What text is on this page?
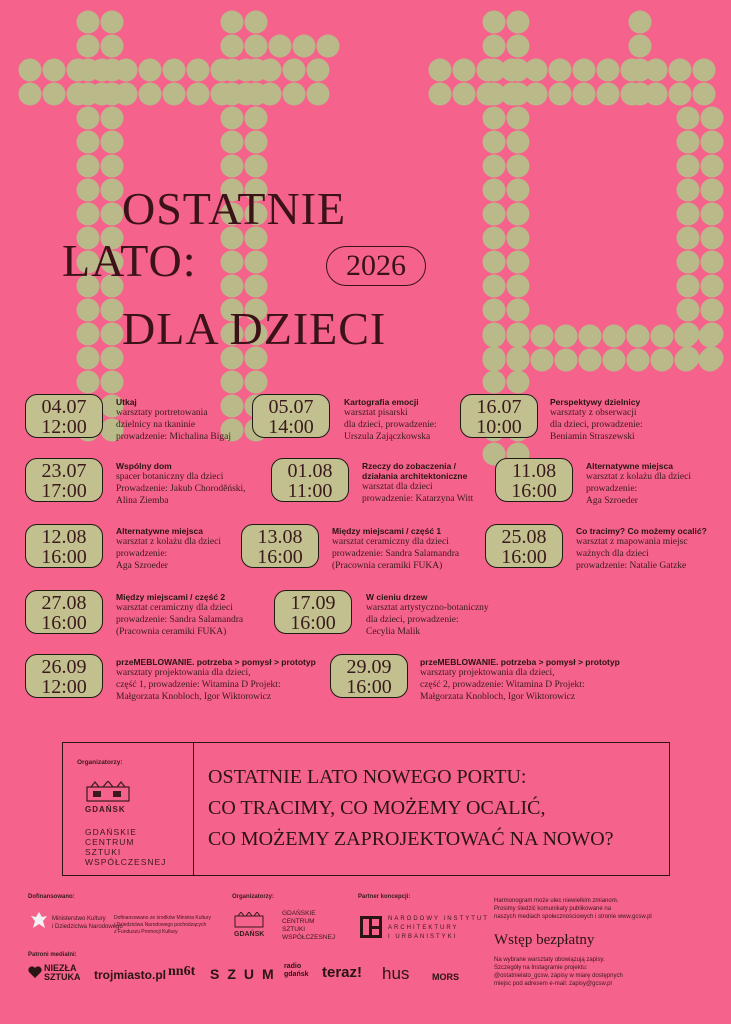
OSTATNIE
LATO:	2026
DLA DZIECI
04.07
12:00
Utkaj
warsztaty portretowania
dzielnicy na tkaninie
prowadzenie: Michalina Bigaj
05.07
14:00
Kartografia emocji
warsztat pisarski
dla dzieci, prowadzenie:
Urszula Zajączkowska
16.07
10:00
Perspektywy dzielnicy
warsztaty z obserwacji
dla dzieci, prowadzenie:
Beniamin Straszewski
23.07
17:00
Wspólny dom
spacer botaniczny dla dzieci
Prowadzenie: Jakub Choroděński,
Alina Ziemba
01.08
11:00
Rzeczy do zobaczenia /
działania architektoniczne
warsztat dla dzieci
prowadzenie: Katarzyna Witt
11.08
16:00
Alternatywne miejsca
warsztat z kolażu dla dzieci
prowadzenie:
Aga Szroeder
12.08
16:00
Alternatywne miejsca
warsztat z kolażu dla dzieci
prowadzenie:
Aga Szroeder
13.08
16:00
Między miejscami / część 1
warsztat ceramiczny dla dzieci
prowadzenie: Sandra Salamandra
(Pracownia ceramiki FUKA)
25.08
16:00
Co tracimy? Co możemy ocalić?
warsztat z mapowania miejsc
ważnych dla dzieci
prowadzenie: Natalie Gatzke
27.08
16:00
Między miejscami / część 2
warsztat ceramiczny dla dzieci
prowadzenie: Sandra Salamandra
(Pracownia ceramiki FUKA)
17.09
16:00
W cieniu drzew
warsztat artystyczno-botaniczny
dla dzieci, prowadzenie:
Cecylia Malik
26.09
12:00
przeMEBLOWANIE. potrzeba > pomysł > prototyp
warsztaty projektowania dla dzieci,
część 1, prowadzenie: Witamina D Projekt:
Małgorzata Knobloch, Igor Wiktorowicz
29.09
16:00
przeMEBLOWANIE. potrzeba > pomysł > prototyp
warsztaty projektowania dla dzieci,
część 2, prowadzenie: Witamina D Projekt:
Małgorzata Knobloch, Igor Wiktorowicz
Organizatorzy:
GDAŃSK
GDAŃSKIE
CENTRUM
SZTUKI
WSPÓŁCZESNEJ
OSTATNIE LATO NOWEGO PORTU:
CO TRACIMY, CO MOŻEMY OCALIĆ,
CO MOŻEMY ZAPROJEKTOWAĆ NA NOWO?
Dofinansowano:
Ministerstwo Kultury
i Dziedzictwa Narodowego
Dofinansowano ze środków Ministra Kultury
i Dziedzictwa Narodowego pochodzących
z Funduszu Promocji Kultury
Organizatorzy:
GDAŃSK
GDAŃSKIE
CENTRUM
SZTUKI
WSPÓŁCZESNEJ
Partner koncepcji:
NARODOWY INSTYTUT
ARCHITEKTURY
I URBANISTYKI
Harmonogram może ulec niewielkim zmianom.
Prosimy śledzić komunikaty publikowane na
naszych mediach społecznościowych i stronie www.gcsw.pl
Wstęp bezpłatny
Na wybrane warsztaty obowiązują zapisy.
Szczegóły na Instagramie projektu:
@ostatnielato_gcsw, zapisy w miarę dostępnych
miejsc pod adresem e-mail: zapisy@gcsw.pl
Patroni medialni:
NIEZŁA SZTUKA trojmiasto.pl nn6t SZUM radio gdańsk teraz! hus	MORS
